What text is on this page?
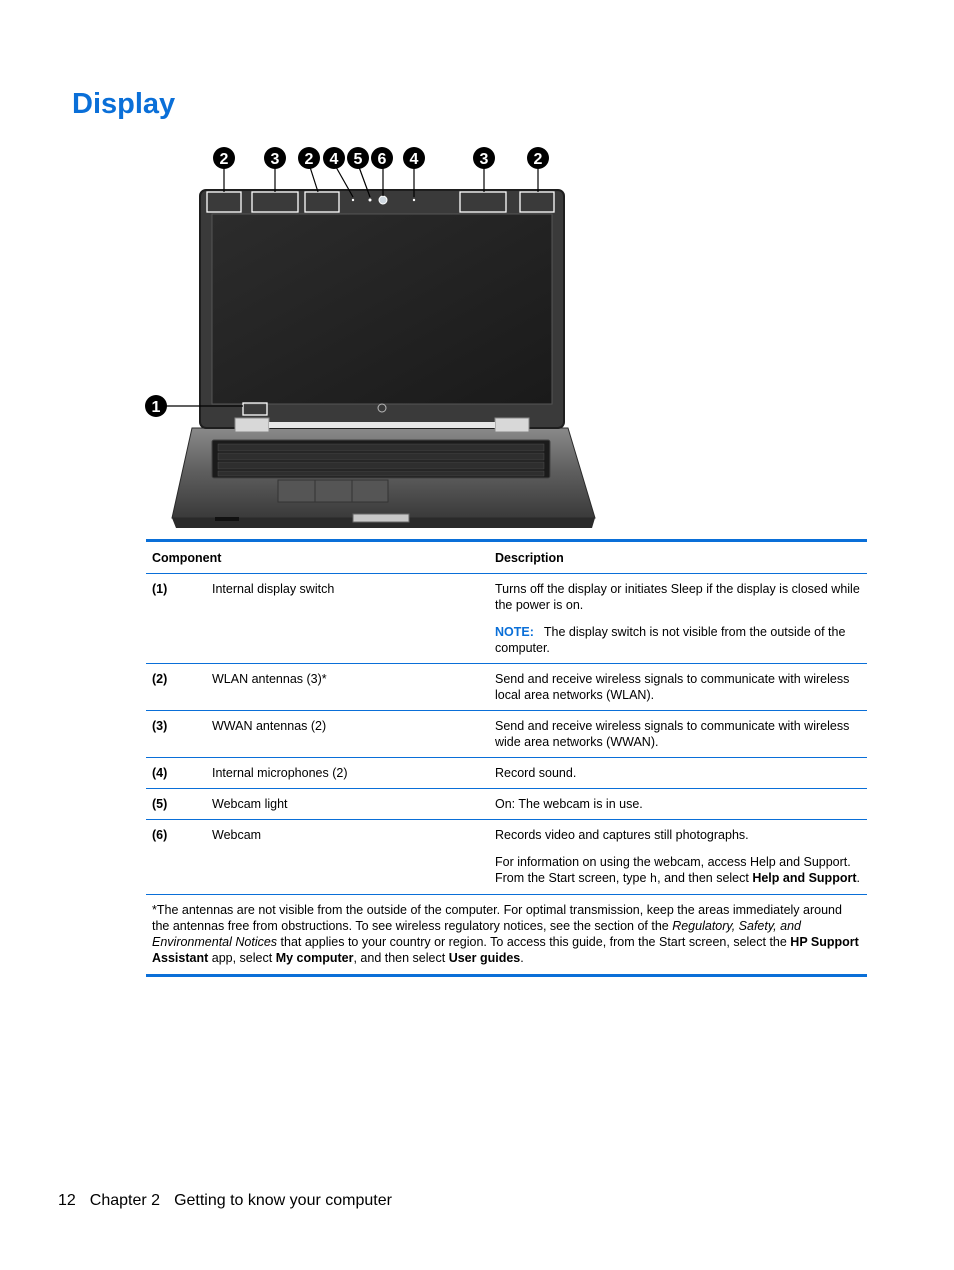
Display
2	3 2 4 5 6 4	3	2
1
Component		Description
(1)	Internal display switch	Turns off the display or initiates Sleep if the display is closed while the power is on.

NOTE: The display switch is not visible from the outside of the computer.

(2)	WLAN antennas (3)*	Send and receive wireless signals to communicate with wireless local area networks (WLAN).

(3)	WWAN antennas (2)	Send and receive wireless signals to communicate with wireless wide area networks (WWAN).

(4)	Internal microphones (2)	Record sound.

(5)	Webcam light	On: The webcam is in use.

(6)	Webcam	Records video and captures still photographs.

For information on using the webcam, access Help and Support. From the Start screen, type h, and then select Help and Support.

*The antennas are not visible from the outside of the computer. For optimal transmission, keep the areas immediately around the antennas free from obstructions. To see wireless regulatory notices, see the section of the Regulatory, Safety, and Environmental Notices that applies to your country or region. To access this guide, from the Start screen, select the HP Support Assistant app, select My computer, and then select User guides.		
12 Chapter 2 Getting to know your computer
